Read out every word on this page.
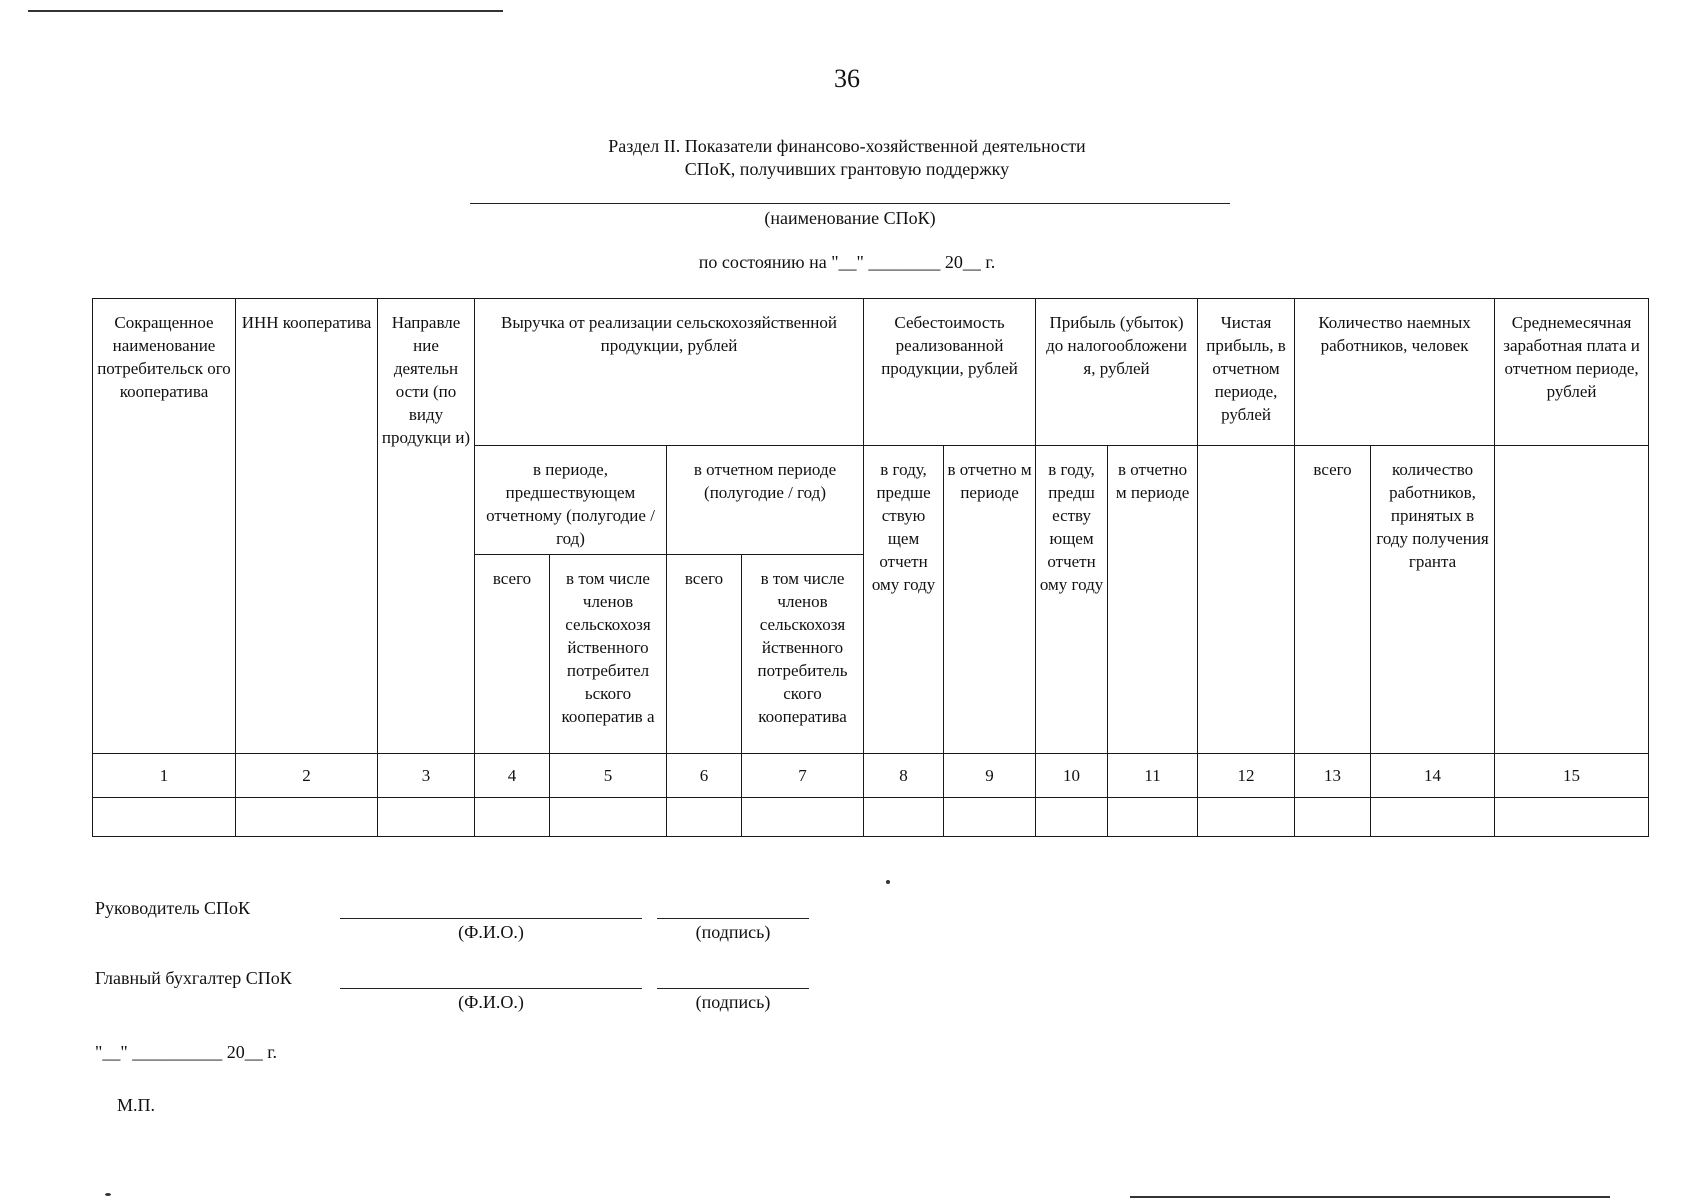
36
Раздел II. Показатели финансово-хозяйственной деятельности
СПоК, получивших грантовую поддержку
(наименование СПоК)
по состоянию на "__" ________ 20__ г.
Сокращенное наименование потребительск ого кооператива	ИНН кооператива	Направле ние деятельн ости (по виду продукци и)	Выручка от реализации сельскохозяйственной продукции, рублей				Себестоимость реализованной продукции, рублей		Прибыль (убыток) до налогообложени я, рублей		Чистая прибыль, в отчетном периоде, рублей	Количество наемных работников, человек		Среднемесячная заработная плата и отчетном периоде, рублей
			в периоде, предшествующем отчетному (полугодие / год)		в отчетном периоде (полугодие / год)		в году, предше ствую щем отчетн ому году	в отчетно м периоде	в году, предш еству ющем отчетн ому году	в отчетно м периоде		всего	количество работников, принятых в году получения гранта	
			всего	в том числе членов сельскохозя йственного потребител ьского кооператив а	всего	в том числе членов сельскохозя йственного потребитель ского кооператива								
1	2	3	4	5	6	7	8	9	10	11	12	13	14	15

Руководитель СПоК
(Ф.И.О.)	(подпись)
Главный бухгалтер СПоК
(Ф.И.О.)	(подпись)
"__" __________ 20__ г.
М.П.
